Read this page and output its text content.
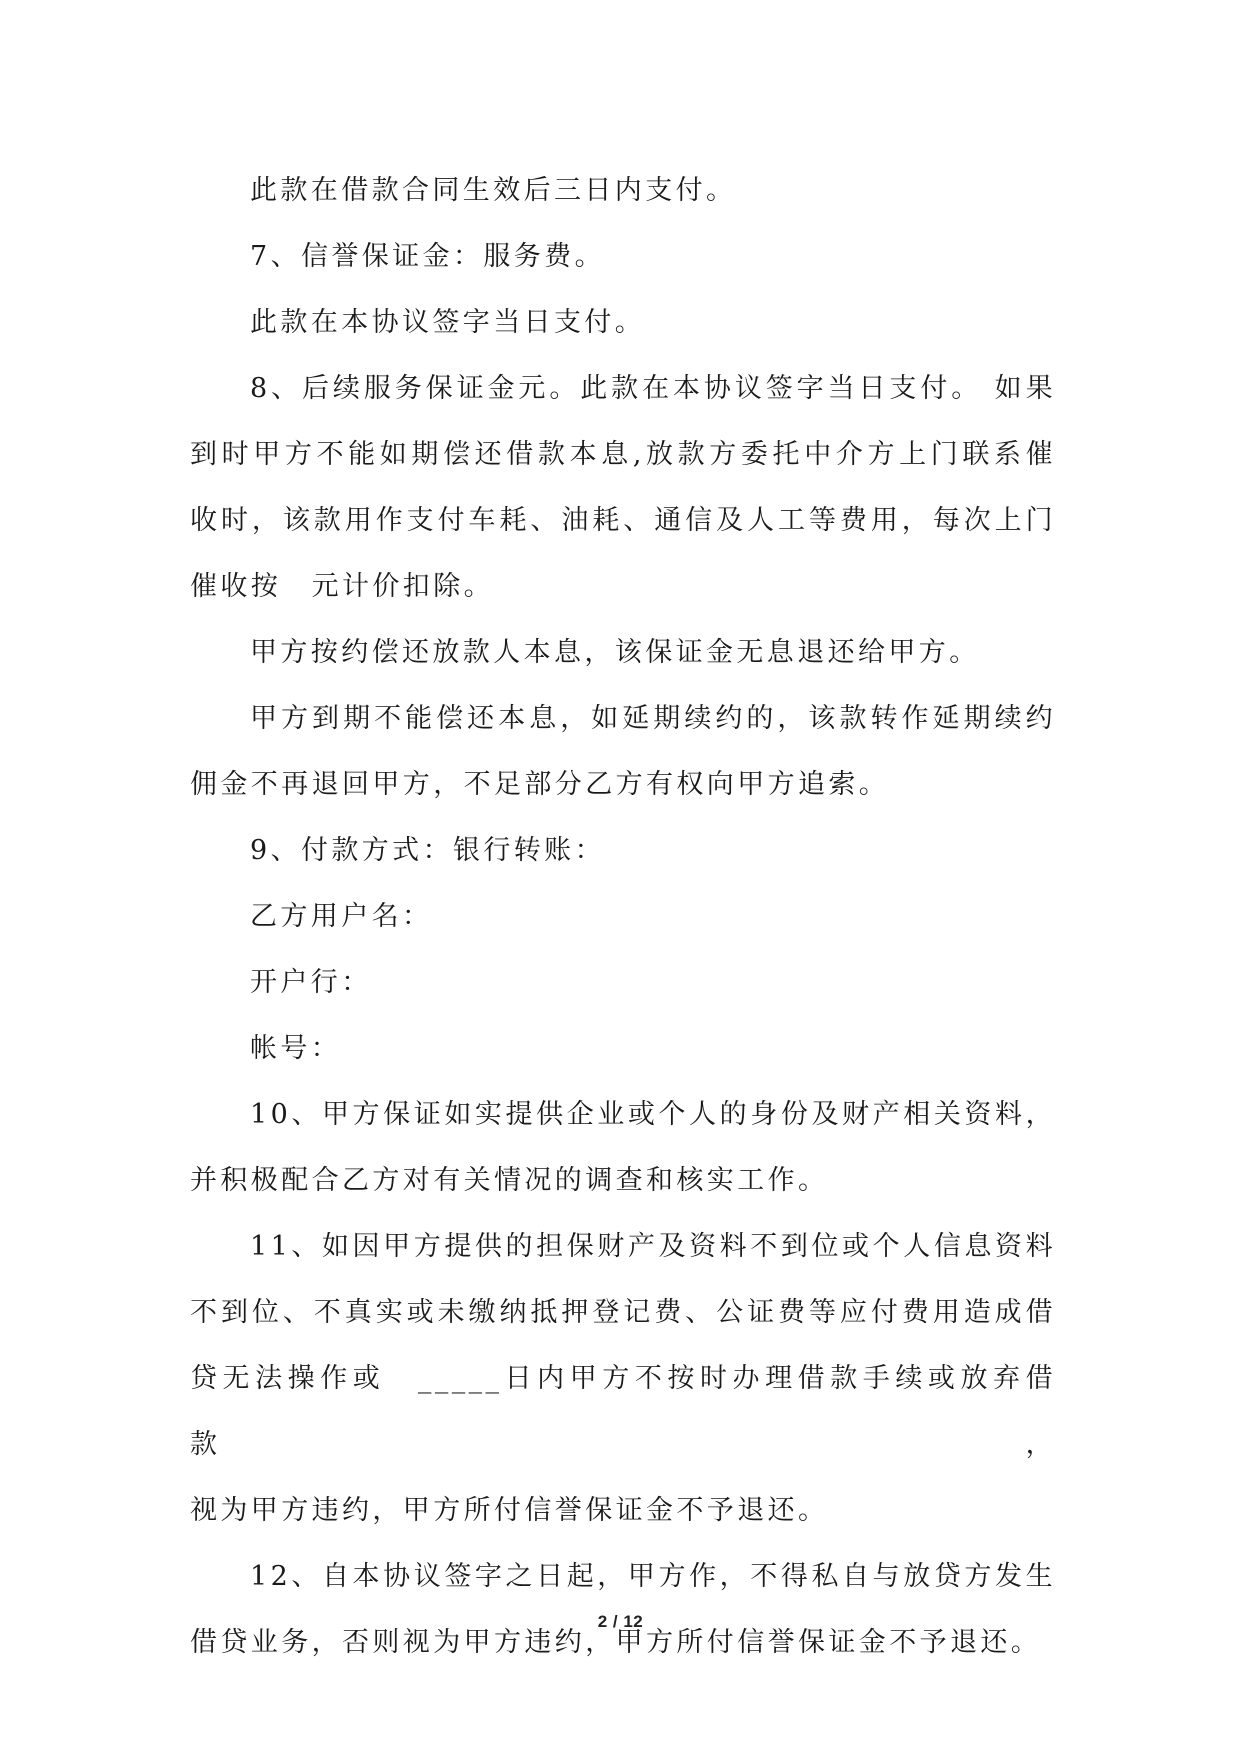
此款在借款合同生效后三日内支付。
7、信誉保证金：服务费。
此款在本协议签字当日支付。
8、后续服务保证金元。此款在本协议签字当日支付。 如果
到时甲方不能如期偿还借款本息,放款方委托中介方上门联系催
收时，该款用作支付车耗、油耗、通信及人工等费用，每次上门
催收按　元计价扣除。
甲方按约偿还放款人本息，该保证金无息退还给甲方。
甲方到期不能偿还本息，如延期续约的，该款转作延期续约
佣金不再退回甲方，不足部分乙方有权向甲方追索。
9、付款方式：银行转账：
乙方用户名：
开户行：
帐号：
10、甲方保证如实提供企业或个人的身份及财产相关资料，
并积极配合乙方对有关情况的调查和核实工作。
11、如因甲方提供的担保财产及资料不到位或个人信息资料
不到位、不真实或未缴纳抵押登记费、公证费等应付费用造成借
贷无法操作或　_____日内甲方不按时办理借款手续或放弃借款，
视为甲方违约，甲方所付信誉保证金不予退还。
12、自本协议签字之日起，甲方作，不得私自与放贷方发生
借贷业务，否则视为甲方违约，甲方所付信誉保证金不予退还。
2 / 12
